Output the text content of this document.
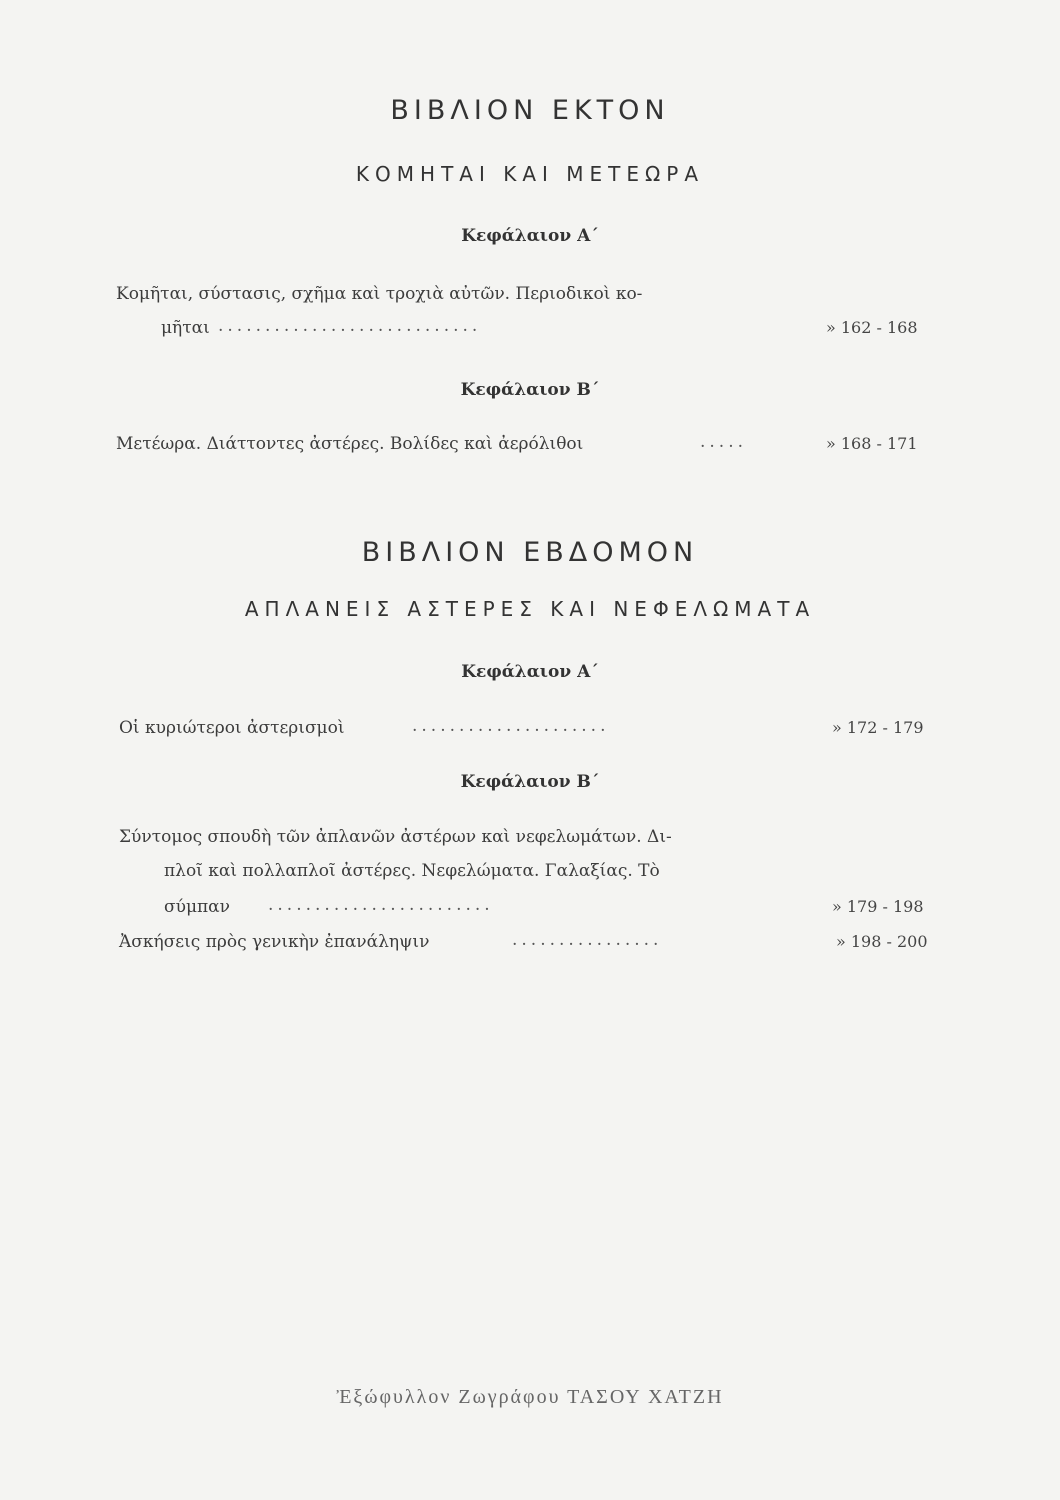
ΒΙΒΛΙΟΝ ΕΚΤΟΝ
ΚΟΜΗΤΑΙ ΚΑΙ ΜΕΤΕΩΡΑ
Κεφάλαιον Α΄
Κομῆται, σύστασις, σχῆμα καὶ τροχιὰ αὐτῶν. Περιοδικοὶ κο-
μῆται ............................	» 162 - 168
Κεφάλαιον Β΄
Μετέωρα. Διάττοντες ἀστέρες. Βολίδες καὶ ἀερόλιθοι	.....	» 168 - 171
ΒΙΒΛΙΟΝ ΕΒΔΟΜΟΝ
ΑΠΛΑΝΕΙΣ ΑΣΤΕΡΕΣ ΚΑΙ ΝΕΦΕΛΩΜΑΤΑ
Κεφάλαιον Α΄
Οἱ κυριώτεροι ἀστερισμοὶ	.....................	» 172 - 179
Κεφάλαιον Β΄
Σύντομος σπουδὴ τῶν ἀπλανῶν ἀστέρων καὶ νεφελωμάτων. Δι-
πλοῖ καὶ πολλαπλοῖ ἀστέρες. Νεφελώματα. Γαλαξίας. Τὸ
σύμπαν ........................	» 179 - 198
Ἀσκήσεις πρὸς γενικὴν ἐπανάληψιν	................	» 198 - 200
Ἐξώφυλλον Ζωγράφου ΤΑΣΟΥ ΧΑΤΖΗ
